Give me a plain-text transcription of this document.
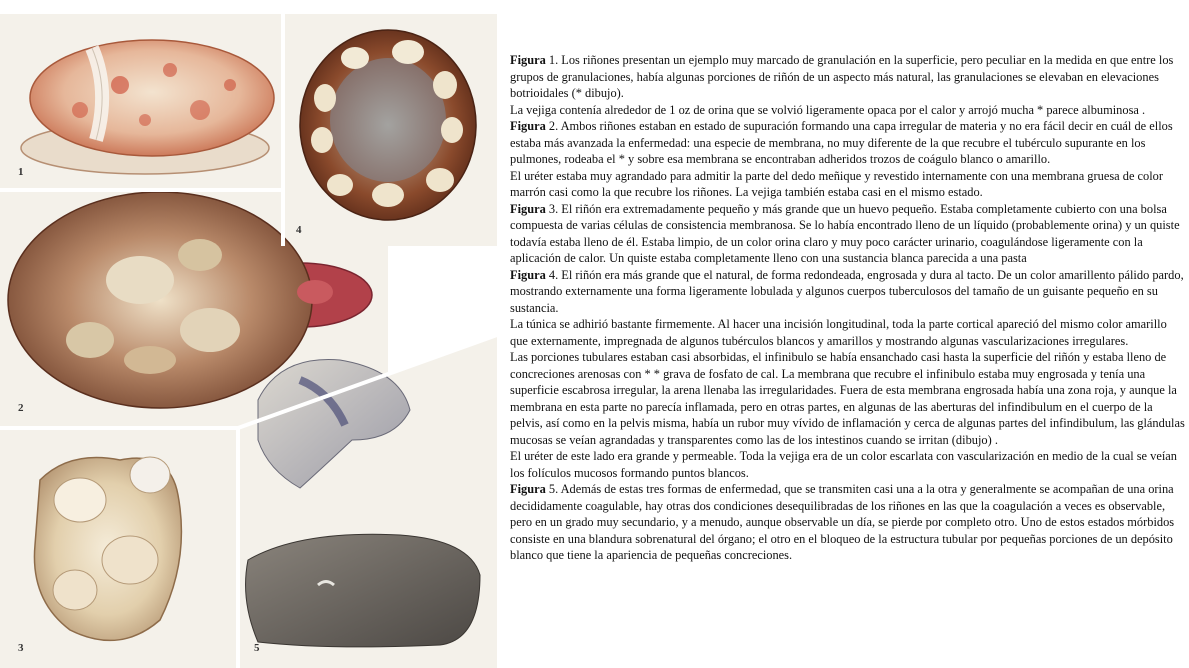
1
2
3
4
5

Figura 1. Los riñones presentan un ejemplo muy marcado de granulación en la superficie, pero peculiar en la medida en que entre los grupos de granulaciones, había algunas porciones de riñón de un aspecto más natural, las granulaciones se elevaban en elevaciones botrioidales (* dibujo).

La vejiga contenía alrededor de 1 oz de orina que se volvió ligeramente opaca por el calor y arrojó mucha * parece albuminosa .

Figura 2. Ambos riñones estaban en estado de supuración formando una capa irregular de materia y no era fácil decir en cuál de ellos estaba más avanzada la enfermedad: una especie de membrana, no muy diferente de la que recubre el tubérculo supurante en los pulmones, rodeaba el * y sobre esa membrana se encontraban adheridos trozos de coágulo blanco o amarillo.

El uréter estaba muy agrandado para admitir la parte del dedo meñique y revestido internamente con una membrana gruesa de color marrón casi como la que recubre los riñones. La vejiga también estaba casi en el mismo estado.

Figura 3. El riñón era extremadamente pequeño y más grande que un huevo pequeño. Estaba completamente cubierto con una bolsa compuesta de varias células de consistencia membranosa. Se lo había encontrado lleno de un líquido (probablemente orina) y un quiste todavía estaba lleno de él. Estaba limpio, de un color orina claro y muy poco carácter urinario, coagulándose ligeramente con la aplicación de calor. Un quiste estaba completamente lleno con una sustancia blanca parecida a una pasta

Figura 4. El riñón era más grande que el natural, de forma redondeada, engrosada y dura al tacto. De un color amarillento pálido pardo, mostrando externamente una forma ligeramente lobulada y algunos cuerpos tuberculosos del tamaño de un guisante pequeño en su sustancia.

La túnica se adhirió bastante firmemente. Al hacer una incisión longitudinal, toda la parte cortical apareció del mismo color amarillo que externamente, impregnada de algunos tubérculos blancos y amarillos y mostrando algunas vascularizaciones irregulares.

Las porciones tubulares estaban casi absorbidas, el infinibulo se había ensanchado casi hasta la superficie del riñón y estaba lleno de concreciones arenosas con * * grava de fosfato de cal. La membrana que recubre el infinibulo estaba muy engrosada y tenía una superficie escabrosa irregular, la arena llenaba las irregularidades. Fuera de esta membrana engrosada había una zona roja, y aunque la membrana en esta parte no parecía inflamada, pero en otras partes, en algunas de las aberturas del infindibulum en el cuerpo de la pelvis, así como en la pelvis misma, había un rubor muy vívido de inflamación y cerca de algunas partes del infindibulum, las glándulas mucosas se veían agrandadas y transparentes como las de los intestinos cuando se irritan (dibujo) .

El uréter de este lado era grande y permeable. Toda la vejiga era de un color escarlata con vascularización en medio de la cual se veían los folículos mucosos formando puntos blancos.

Figura 5. Además de estas tres formas de enfermedad, que se transmiten casi una a la otra y generalmente se acompañan de una orina decididamente coagulable, hay otras dos condiciones desequilibradas de los riñones en las que la coagulación a veces es observable, pero en un grado muy secundario, y a menudo, aunque observable un día, se pierde por completo otro. Uno de estos estados mórbidos consiste en una blandura sobrenatural del órgano; el otro en el bloqueo de la estructura tubular por pequeñas porciones de un depósito blanco que tiene la apariencia de pequeñas concreciones.
